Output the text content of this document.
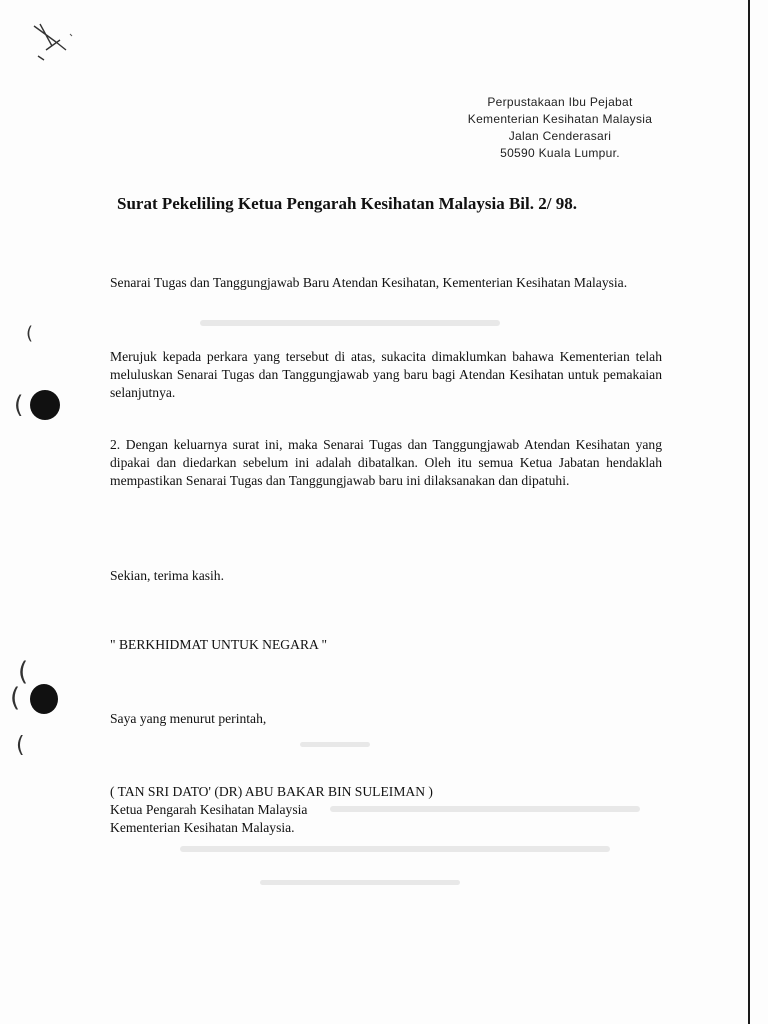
Perpustakaan Ibu Pejabat
Kementerian Kesihatan Malaysia
Jalan Cenderasari
50590 Kuala Lumpur.
Surat Pekeliling Ketua Pengarah Kesihatan Malaysia Bil. 2/ 98.
Senarai Tugas dan Tanggungjawab Baru Atendan Kesihatan, Kementerian Kesihatan Malaysia.
Merujuk kepada perkara yang tersebut di atas, sukacita dimaklumkan bahawa Kementerian telah meluluskan Senarai Tugas dan Tanggungjawab yang baru bagi Atendan Kesihatan untuk pemakaian selanjutnya.
2. Dengan keluarnya surat ini, maka Senarai Tugas dan Tanggungjawab Atendan Kesihatan yang dipakai dan diedarkan sebelum ini adalah dibatalkan. Oleh itu semua Ketua Jabatan hendaklah mempastikan Senarai Tugas dan Tanggungjawab baru ini dilaksanakan dan dipatuhi.
Sekian, terima kasih.
" BERKHIDMAT UNTUK NEGARA "
Saya yang menurut perintah,
( TAN SRI DATO' (DR) ABU BAKAR BIN SULEIMAN )
Ketua Pengarah Kesihatan Malaysia
Kementerian Kesihatan Malaysia.
(
(
(
(
(
